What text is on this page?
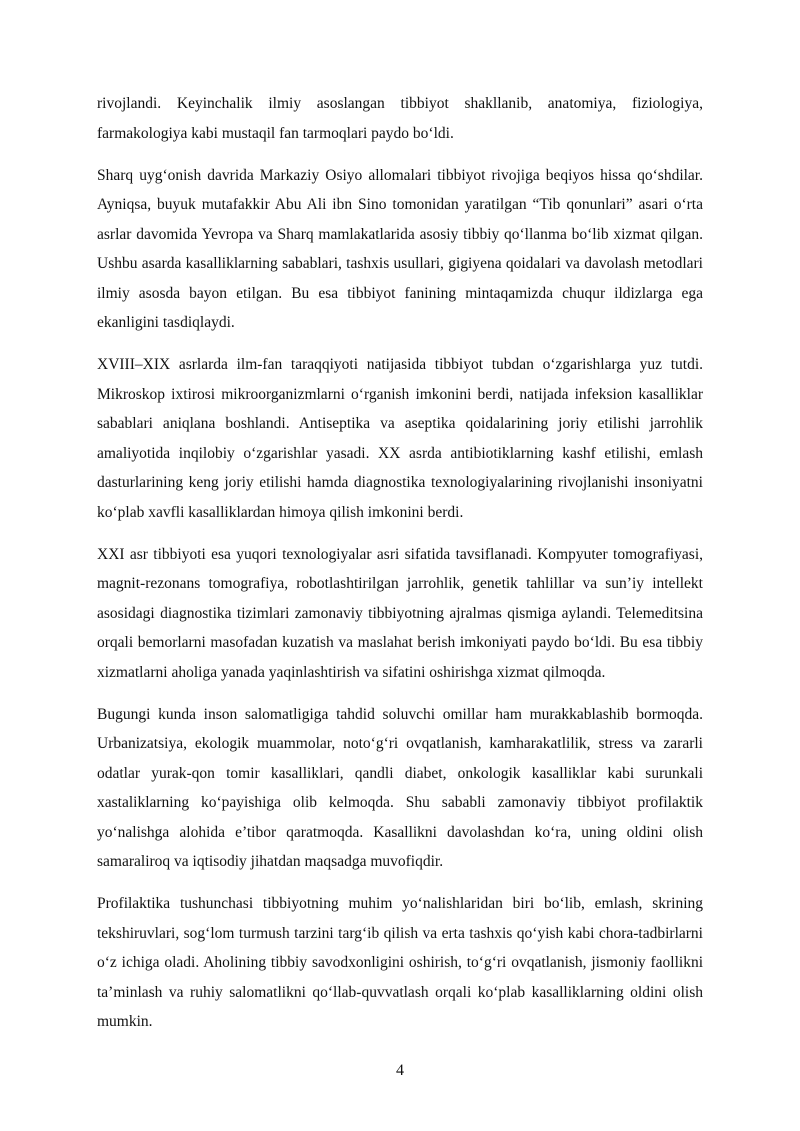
rivojlandi. Keyinchalik ilmiy asoslangan tibbiyot shakllanib, anatomiya, fiziologiya, farmakologiya kabi mustaqil fan tarmoqlari paydo bo‘ldi.

Sharq uyg‘onish davrida Markaziy Osiyo allomalari tibbiyot rivojiga beqiyos hissa qo‘shdilar. Ayniqsa, buyuk mutafakkir Abu Ali ibn Sino tomonidan yaratilgan “Tib qonunlari” asari o‘rta asrlar davomida Yevropa va Sharq mamlakatlarida asosiy tibbiy qo‘llanma bo‘lib xizmat qilgan. Ushbu asarda kasalliklarning sabablari, tashxis usullari, gigiyena qoidalari va davolash metodlari ilmiy asosda bayon etilgan. Bu esa tibbiyot fanining mintaqamizda chuqur ildizlarga ega ekanligini tasdiqlaydi.

XVIII–XIX asrlarda ilm-fan taraqqiyoti natijasida tibbiyot tubdan o‘zgarishlarga yuz tutdi. Mikroskop ixtirosi mikroorganizmlarni o‘rganish imkonini berdi, natijada infeksion kasalliklar sabablari aniqlana boshlandi. Antiseptika va aseptika qoidalarining joriy etilishi jarrohlik amaliyotida inqilobiy o‘zgarishlar yasadi. XX asrda antibiotiklarning kashf etilishi, emlash dasturlarining keng joriy etilishi hamda diagnostika texnologiyalarining rivojlanishi insoniyatni ko‘plab xavfli kasalliklardan himoya qilish imkonini berdi.

XXI asr tibbiyoti esa yuqori texnologiyalar asri sifatida tavsiflanadi. Kompyuter tomografiyasi, magnit-rezonans tomografiya, robotlashtirilgan jarrohlik, genetik tahlillar va sun’iy intellekt asosidagi diagnostika tizimlari zamonaviy tibbiyotning ajralmas qismiga aylandi. Telemeditsina orqali bemorlarni masofadan kuzatish va maslahat berish imkoniyati paydo bo‘ldi. Bu esa tibbiy xizmatlarni aholiga yanada yaqinlashtirish va sifatini oshirishga xizmat qilmoqda.

Bugungi kunda inson salomatligiga tahdid soluvchi omillar ham murakkablashib bormoqda. Urbanizatsiya, ekologik muammolar, noto‘g‘ri ovqatlanish, kamharakatlilik, stress va zararli odatlar yurak-qon tomir kasalliklari, qandli diabet, onkologik kasalliklar kabi surunkali xastaliklarning ko‘payishiga olib kelmoqda. Shu sababli zamonaviy tibbiyot profilaktik yo‘nalishga alohida e’tibor qaratmoqda. Kasallikni davolashdan ko‘ra, uning oldini olish samaraliroq va iqtisodiy jihatdan maqsadga muvofiqdir.

Profilaktika tushunchasi tibbiyotning muhim yo‘nalishlaridan biri bo‘lib, emlash, skrining tekshiruvlari, sog‘lom turmush tarzini targ‘ib qilish va erta tashxis qo‘yish kabi chora-tadbirlarni o‘z ichiga oladi. Aholining tibbiy savodxonligini oshirish, to‘g‘ri ovqatlanish, jismoniy faollikni ta’minlash va ruhiy salomatlikni qo‘llab-quvvatlash orqali ko‘plab kasalliklarning oldini olish mumkin.

4
